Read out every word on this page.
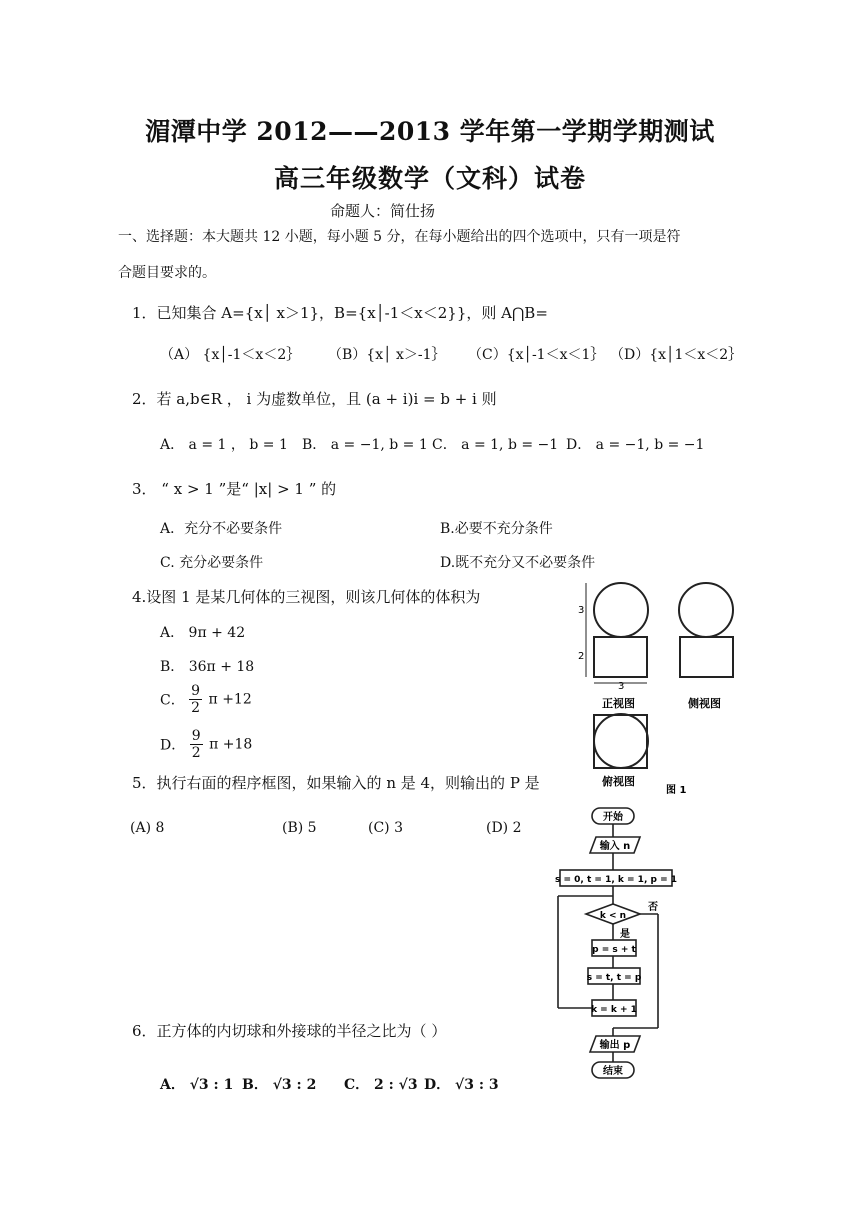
湄潭中学 2012——2013 学年第一学期学期测试
高三年级数学（文科）试卷
命题人：简仕扬
一、选择题：本大题共 12 小题，每小题 5 分，在每小题给出的四个选项中，只有一项是符
合题目要求的。
1．已知集合 A={x│ x＞1}，B={x│-1＜x＜2}}，则 A⋂B=
（A） {x│-1＜x＜2｝ （B）{x│ x＞-1｝ （C）{x│-1＜x＜1｝ （D）{x│1＜x＜2｝
2．若 a,b∈R ， i 为虚数单位，且 (a + i)i = b + i 则
A． a = 1 ， b = 1 B． a = −1, b = 1 C． a = 1, b = −1 D． a = −1, b = −1
3． “ x > 1 ”是“ |x| > 1 ” 的
A．充分不必要条件	B.必要不充分条件
C. 充分必要条件	D.既不充分又不必要条件
4.设图 1 是某几何体的三视图，则该几何体的体积为
A． 9π + 42
B． 36π + 18
C． $\frac{9}{2}$ π +12
D． $\frac{9}{2}$ π +18
5．执行右面的程序框图，如果输入的 n 是 4，则输出的 P 是
(A) 8	(B) 5	(C) 3	(D) 2
6．正方体的内切球和外接球的半径之比为（ ）
A． √3 : 1 B． √3 : 2 C． 2 : √3 D． √3 : 3
3
2
3
正视图	侧视图
俯视图
图 1
开始
输入 n
s = 0, t = 1, k = 1, p = 1
k < n
否
是
p = s + t
s = t, t = p
k = k + 1
输出 p
结束
